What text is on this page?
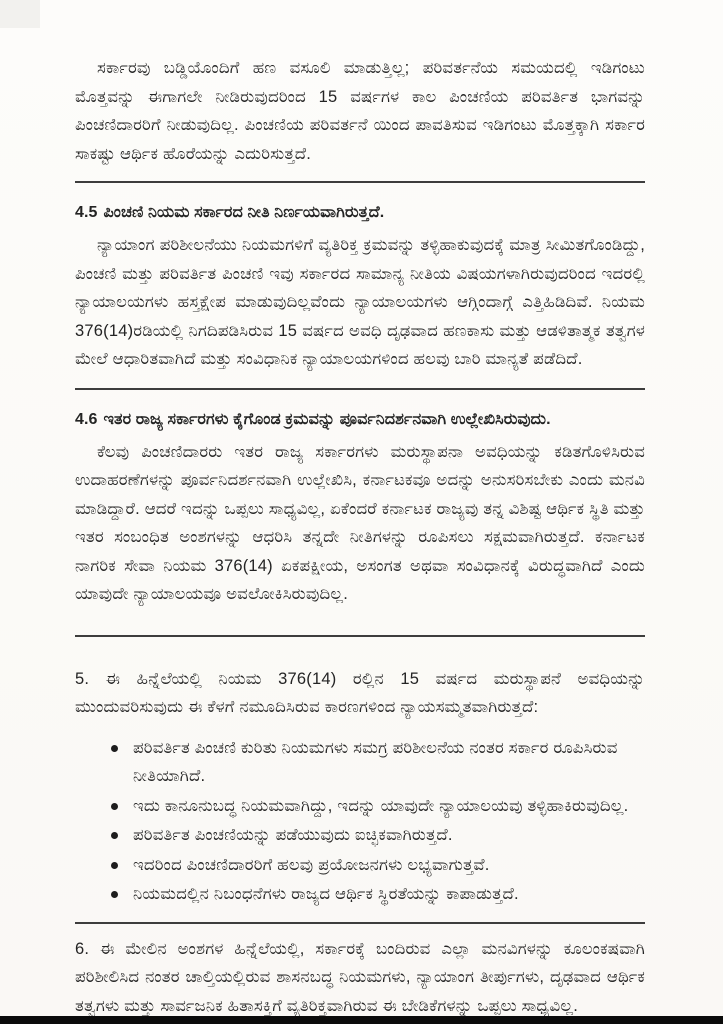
ಸರ್ಕಾರವು ಬಡ್ಡಿಯೊಂದಿಗೆ ಹಣ ವಸೂಲಿ ಮಾಡುತ್ತಿಲ್ಲ; ಪರಿವರ್ತನೆಯ ಸಮಯದಲ್ಲಿ ಇಡಿಗಂಟು ಮೊತ್ತವನ್ನು ಈಗಾಗಲೇ ನೀಡಿರುವುದರಿಂದ 15 ವರ್ಷಗಳ ಕಾಲ ಪಿಂಚಣಿಯ ಪರಿವರ್ತಿತ ಭಾಗವನ್ನು ಪಿಂಚಣಿದಾರರಿಗೆ ನೀಡುವುದಿಲ್ಲ. ಪಿಂಚಣಿಯ ಪರಿವರ್ತನೆ ಯಿಂದ ಪಾವತಿಸುವ ಇಡಿಗಂಟು ಮೊತ್ತಕ್ಕಾಗಿ ಸರ್ಕಾರ ಸಾಕಷ್ಟು ಆರ್ಥಿಕ ಹೊರೆಯನ್ನು ಎದುರಿಸುತ್ತದೆ.

4.5 ಪಿಂಚಣಿ ನಿಯಮ ಸರ್ಕಾರದ ನೀತಿ ನಿರ್ಣಯವಾಗಿರುತ್ತದೆ.

ನ್ಯಾಯಾಂಗ ಪರಿಶೀಲನೆಯು ನಿಯಮಗಳಿಗೆ ವ್ಯತಿರಿಕ್ತ ಕ್ರಮವನ್ನು ತಳ್ಳಿಹಾಕುವುದಕ್ಕೆ ಮಾತ್ರ ಸೀಮಿತಗೊಂಡಿದ್ದು, ಪಿಂಚಣಿ ಮತ್ತು ಪರಿವರ್ತಿತ ಪಿಂಚಣಿ ಇವು ಸರ್ಕಾರದ ಸಾಮಾನ್ಯ ನೀತಿಯ ವಿಷಯಗಳಾಗಿರುವುದರಿಂದ ಇದರಲ್ಲಿ ನ್ಯಾಯಾಲಯಗಳು ಹಸ್ತಕ್ಷೇಪ ಮಾಡುವುದಿಲ್ಲವೆಂದು ನ್ಯಾಯಾಲಯಗಳು ಆಗ್ಗಿಂದಾಗ್ಗೆ ಎತ್ತಿಹಿಡಿದಿವೆ. ನಿಯಮ 376(14)ರಡಿಯಲ್ಲಿ ನಿಗದಿಪಡಿಸಿರುವ 15 ವರ್ಷದ ಅವಧಿ ದೃಢವಾದ ಹಣಕಾಸು ಮತ್ತು ಆಡಳಿತಾತ್ಮಕ ತತ್ವಗಳ ಮೇಲೆ ಆಧಾರಿತವಾಗಿದೆ ಮತ್ತು ಸಂವಿಧಾನಿಕ ನ್ಯಾಯಾಲಯಗಳಿಂದ ಹಲವು ಬಾರಿ ಮಾನ್ಯತೆ ಪಡೆದಿದೆ.

4.6 ಇತರ ರಾಜ್ಯ ಸರ್ಕಾರಗಳು ಕೈಗೊಂಡ ಕ್ರಮವನ್ನು ಪೂರ್ವನಿದರ್ಶನವಾಗಿ ಉಲ್ಲೇಖಿಸಿರುವುದು.

ಕೆಲವು ಪಿಂಚಣಿದಾರರು ಇತರ ರಾಜ್ಯ ಸರ್ಕಾರಗಳು ಮರುಸ್ಥಾಪನಾ ಅವಧಿಯನ್ನು ಕಡಿತಗೊಳಿಸಿರುವ ಉದಾಹರಣೆಗಳನ್ನು ಪೂರ್ವನಿದರ್ಶನವಾಗಿ ಉಲ್ಲೇಖಿಸಿ, ಕರ್ನಾಟಕವೂ ಅದನ್ನು ಅನುಸರಿಸಬೇಕು ಎಂದು ಮನವಿ ಮಾಡಿದ್ದಾರೆ. ಆದರೆ ಇದನ್ನು ಒಪ್ಪಲು ಸಾಧ್ಯವಿಲ್ಲ, ಏಕೆಂದರೆ ಕರ್ನಾಟಕ ರಾಜ್ಯವು ತನ್ನ ವಿಶಿಷ್ಟ ಆರ್ಥಿಕ ಸ್ಥಿತಿ ಮತ್ತು ಇತರ ಸಂಬಂಧಿತ ಅಂಶಗಳನ್ನು ಆಧರಿಸಿ ತನ್ನದೇ ನೀತಿಗಳನ್ನು ರೂಪಿಸಲು ಸಕ್ಷಮವಾಗಿರುತ್ತದೆ. ಕರ್ನಾಟಕ ನಾಗರಿಕ ಸೇವಾ ನಿಯಮ 376(14) ಏಕಪಕ್ಷೀಯ, ಅಸಂಗತ ಅಥವಾ ಸಂವಿಧಾನಕ್ಕೆ ವಿರುದ್ಧವಾಗಿದೆ ಎಂದು ಯಾವುದೇ ನ್ಯಾಯಾಲಯವೂ ಅವಲೋಕಿಸಿರುವುದಿಲ್ಲ.

5. ಈ ಹಿನ್ನೆಲೆಯಲ್ಲಿ ನಿಯಮ 376(14) ರಲ್ಲಿನ 15 ವರ್ಷದ ಮರುಸ್ಥಾಪನೆ ಅವಧಿಯನ್ನು ಮುಂದುವರಿಸುವುದು ಈ ಕೆಳಗೆ ನಮೂದಿಸಿರುವ ಕಾರಣಗಳಿಂದ ನ್ಯಾಯಸಮ್ಮತವಾಗಿರುತ್ತದೆ:

ಪರಿವರ್ತಿತ ಪಿಂಚಣಿ ಕುರಿತು ನಿಯಮಗಳು ಸಮಗ್ರ ಪರಿಶೀಲನೆಯ ನಂತರ ಸರ್ಕಾರ ರೂಪಿಸಿರುವ ನೀತಿಯಾಗಿದೆ.
ಇದು ಕಾನೂನುಬದ್ಧ ನಿಯಮವಾಗಿದ್ದು, ಇದನ್ನು ಯಾವುದೇ ನ್ಯಾಯಾಲಯವು ತಳ್ಳಿಹಾಕಿರುವುದಿಲ್ಲ.
ಪರಿವರ್ತಿತ ಪಿಂಚಣಿಯನ್ನು ಪಡೆಯುವುದು ಐಚ್ಛಿಕವಾಗಿರುತ್ತದೆ.
ಇದರಿಂದ ಪಿಂಚಣಿದಾರರಿಗೆ ಹಲವು ಪ್ರಯೋಜನಗಳು ಲಭ್ಯವಾಗುತ್ತವೆ.
ನಿಯಮದಲ್ಲಿನ ನಿಬಂಧನೆಗಳು ರಾಜ್ಯದ ಆರ್ಥಿಕ ಸ್ಥಿರತೆಯನ್ನು ಕಾಪಾಡುತ್ತದೆ.

6. ಈ ಮೇಲಿನ ಅಂಶಗಳ ಹಿನ್ನೆಲೆಯಲ್ಲಿ, ಸರ್ಕಾರಕ್ಕೆ ಬಂದಿರುವ ಎಲ್ಲಾ ಮನವಿಗಳನ್ನು ಕೂಲಂಕಷವಾಗಿ ಪರಿಶೀಲಿಸಿದ ನಂತರ ಚಾಲ್ತಿಯಲ್ಲಿರುವ ಶಾಸನಬದ್ಧ ನಿಯಮಗಳು, ನ್ಯಾಯಾಂಗ ತೀರ್ಪುಗಳು, ದೃಢವಾದ ಆರ್ಥಿಕ ತತ್ವಗಳು ಮತ್ತು ಸಾರ್ವಜನಿಕ ಹಿತಾಸಕ್ತಿಗೆ ವ್ಯತಿರಿಕ್ತವಾಗಿರುವ ಈ ಬೇಡಿಕೆಗಳನ್ನು ಒಪ್ಪಲು ಸಾಧ್ಯವಿಲ್ಲ.
